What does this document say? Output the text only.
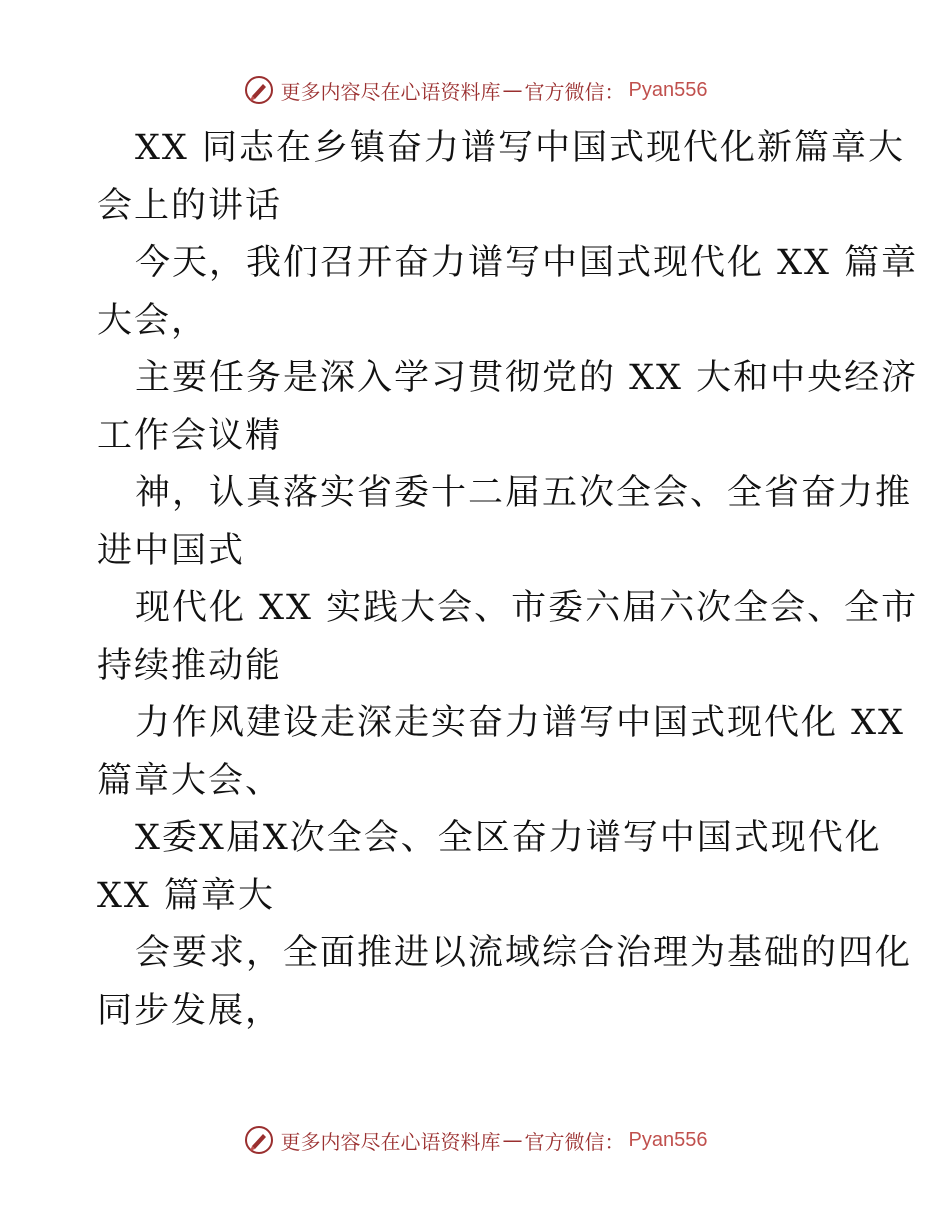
更多内容尽在心语资料库 — 官方微信： Pyan556
XX 同志在乡镇奋力谱写中国式现代化新篇章大
会上的讲话
今天，我们召开奋力谱写中国式现代化 XX 篇章
大会，
主要任务是深入学习贯彻党的 XX 大和中央经济
工作会议精
神，认真落实省委十二届五次全会、全省奋力推
进中国式
现代化 XX 实践大会、市委六届六次全会、全市
持续推动能
力作风建设走深走实奋力谱写中国式现代化 XX
篇章大会、
X委X届X次全会、全区奋力谱写中国式现代化
XX 篇章大
会要求，全面推进以流域综合治理为基础的四化
同步发展，
更多内容尽在心语资料库 — 官方微信： Pyan556
